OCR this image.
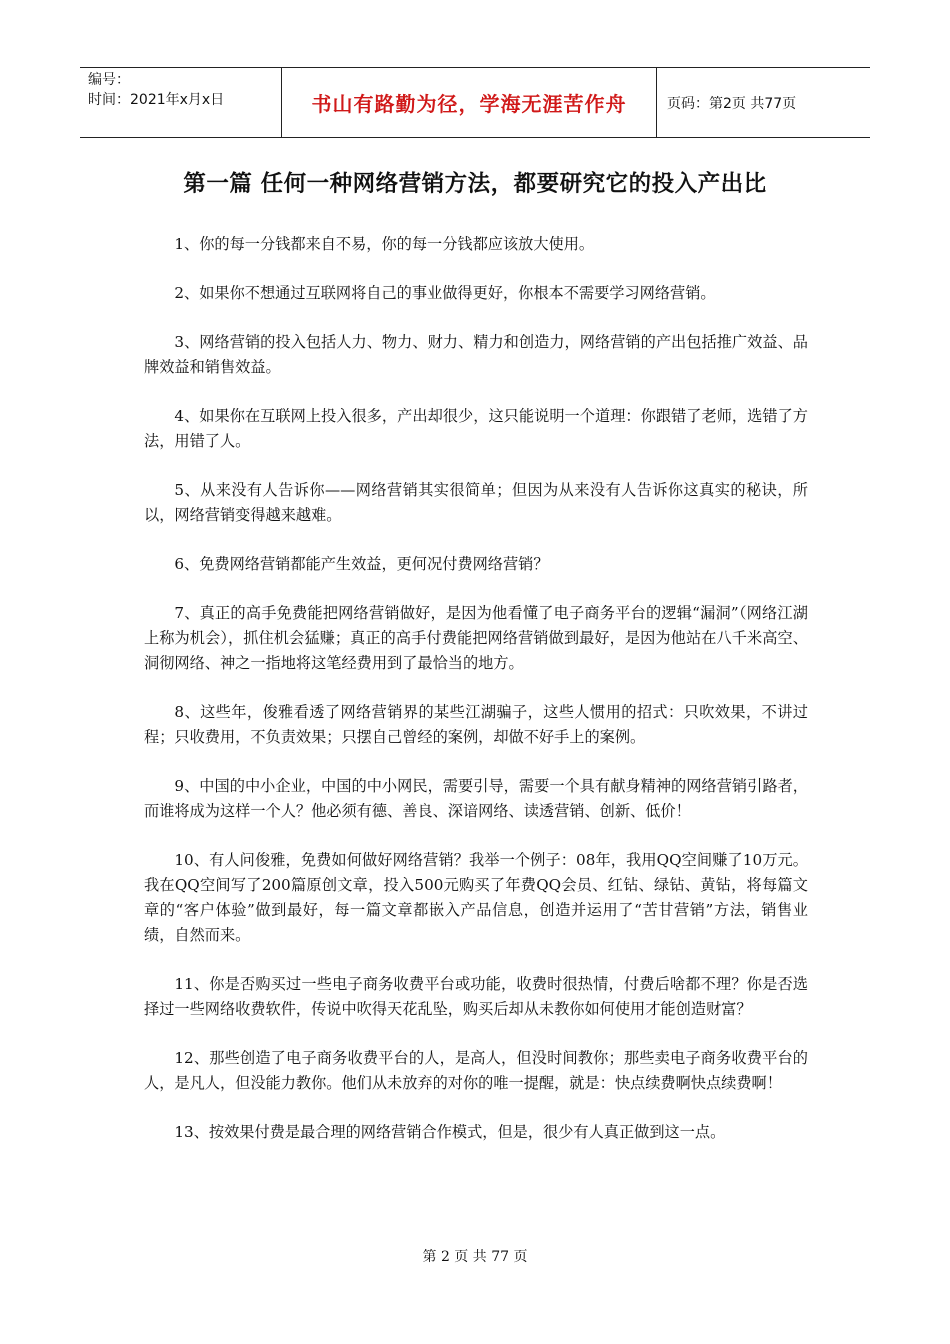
编号：
时间：2021年x月x日	书山有路勤为径，学海无涯苦作舟	页码：第2页 共77页
第一篇 任何一种网络营销方法，都要研究它的投入产出比

1、你的每一分钱都来自不易，你的每一分钱都应该放大使用。

2、如果你不想通过互联网将自己的事业做得更好，你根本不需要学习网络营销。

3、网络营销的投入包括人力、物力、财力、精力和创造力，网络营销的产出包括推广效益、品牌效益和销售效益。

4、如果你在互联网上投入很多，产出却很少，这只能说明一个道理：你跟错了老师，选错了方法，用错了人。

5、从来没有人告诉你——网络营销其实很简单；但因为从来没有人告诉你这真实的秘诀，所以，网络营销变得越来越难。

6、免费网络营销都能产生效益，更何况付费网络营销？

7、真正的高手免费能把网络营销做好，是因为他看懂了电子商务平台的逻辑“漏洞”（网络江湖上称为机会），抓住机会猛赚；真正的高手付费能把网络营销做到最好，是因为他站在八千米高空、洞彻网络、神之一指地将这笔经费用到了最恰当的地方。

8、这些年，俊雅看透了网络营销界的某些江湖骗子，这些人惯用的招式：只吹效果，不讲过程；只收费用，不负责效果；只摆自己曾经的案例，却做不好手上的案例。

9、中国的中小企业，中国的中小网民，需要引导，需要一个具有献身精神的网络营销引路者，而谁将成为这样一个人？他必须有德、善良、深谙网络、读透营销、创新、低价！

10、有人问俊雅，免费如何做好网络营销？我举一个例子：08年，我用QQ空间赚了10万元。我在QQ空间写了200篇原创文章，投入500元购买了年费QQ会员、红钻、绿钻、黄钻，将每篇文章的“客户体验”做到最好，每一篇文章都嵌入产品信息，创造并运用了“苦甘营销”方法，销售业绩，自然而来。

11、你是否购买过一些电子商务收费平台或功能，收费时很热情，付费后啥都不理？你是否选择过一些网络收费软件，传说中吹得天花乱坠，购买后却从未教你如何使用才能创造财富？

12、那些创造了电子商务收费平台的人，是高人，但没时间教你；那些卖电子商务收费平台的人，是凡人，但没能力教你。他们从未放弃的对你的唯一提醒，就是：快点续费啊快点续费啊！

13、按效果付费是最合理的网络营销合作模式，但是，很少有人真正做到这一点。

第 2 页 共 77 页
